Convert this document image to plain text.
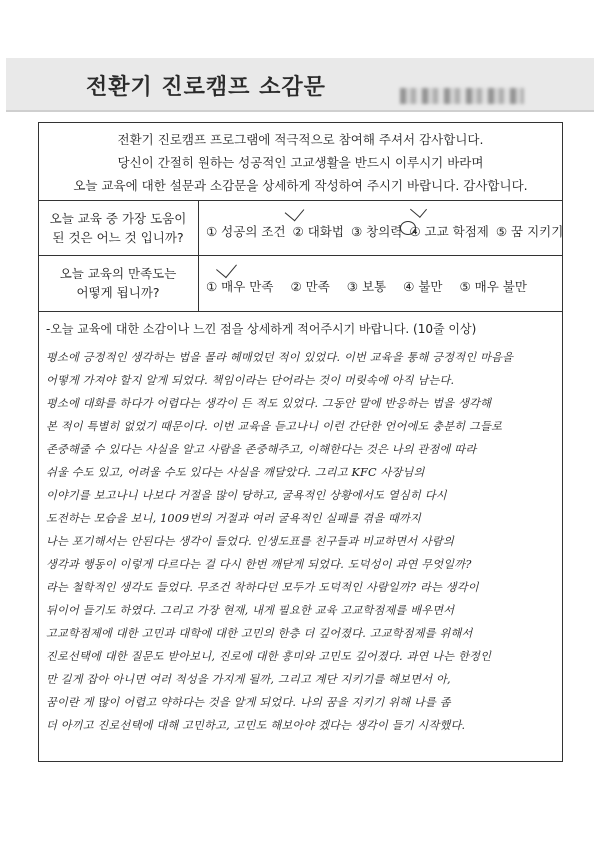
전환기 진로캠프 소감문
전환기 진로캠프 프로그램에 적극적으로 참여해 주셔서 감사합니다.
당신이 간절히 원하는 성공적인 고교생활을 반드시 이루시기 바라며
오늘 교육에 대한 설문과 소감문을 상세하게 작성하여 주시기 바랍니다. 감사합니다.
오늘 교육 중 가장 도움이
된 것은 어느 것 입니까?	① 성공의 조건 ② 대화법 ③ 창의력 ④ 고교 학점제 ⑤ 꿈 지키기
오늘 교육의 만족도는
어떻게 됩니까?	① 매우 만족 ② 만족 ③ 보통 ④ 불만 ⑤ 매우 불만
-오늘 교육에 대한 소감이나 느낀 점을 상세하게 적어주시기 바랍니다. (10줄 이상)
평소에 긍정적인 생각하는 법을 몰라 헤매었던 적이 있었다. 이번 교육을 통해 긍정적인 마음을
어떻게 가져야 할지 알게 되었다. 책임이라는 단어라는 것이 머릿속에 아직 남는다.
평소에 대화를 하다가 어렵다는 생각이 든 적도 있었다. 그동안 말에 반응하는 법을 생각해
본 적이 특별히 없었기 때문이다. 이번 교육을 듣고나니 이런 간단한 언어에도 충분히 그들로
존중해줄 수 있다는 사실을 알고 사람을 존중해주고, 이해한다는 것은 나의 관점에 따라
쉬울 수도 있고, 어려울 수도 있다는 사실을 깨달았다. 그리고 KFC 사장님의
이야기를 보고나니 나보다 거절을 많이 당하고, 굴욕적인 상황에서도 열심히 다시
도전하는 모습을 보니, 1009번의 거절과 여러 굴욕적인 실패를 겪을 때까지
나는 포기해서는 안된다는 생각이 들었다. 인생도표를 친구들과 비교하면서 사람의
생각과 행동이 이렇게 다르다는 걸 다시 한번 깨닫게 되었다. 도덕성이 과연 무엇일까?
라는 철학적인 생각도 들었다. 무조건 착하다던 모두가 도덕적인 사람일까? 라는 생각이
뒤이어 들기도 하였다. 그리고 가장 현재, 내게 필요한 교육 고교학점제를 배우면서
고교학점제에 대한 고민과 대학에 대한 고민의 한층 더 깊어졌다. 고교학점제를 위해서
진로선택에 대한 질문도 받아보니, 진로에 대한 흥미와 고민도 깊어졌다. 과연 나는 한정인
만 길게 잡아 아니면 여러 적성을 가지게 될까, 그리고 계단 지키기를 해보면서 아,
꿈이란 게 많이 어렵고 약하다는 것을 알게 되었다. 나의 꿈을 지키기 위해 나를 좀
더 아끼고 진로선택에 대해 고민하고, 고민도 해보아야 겠다는 생각이 들기 시작했다.
